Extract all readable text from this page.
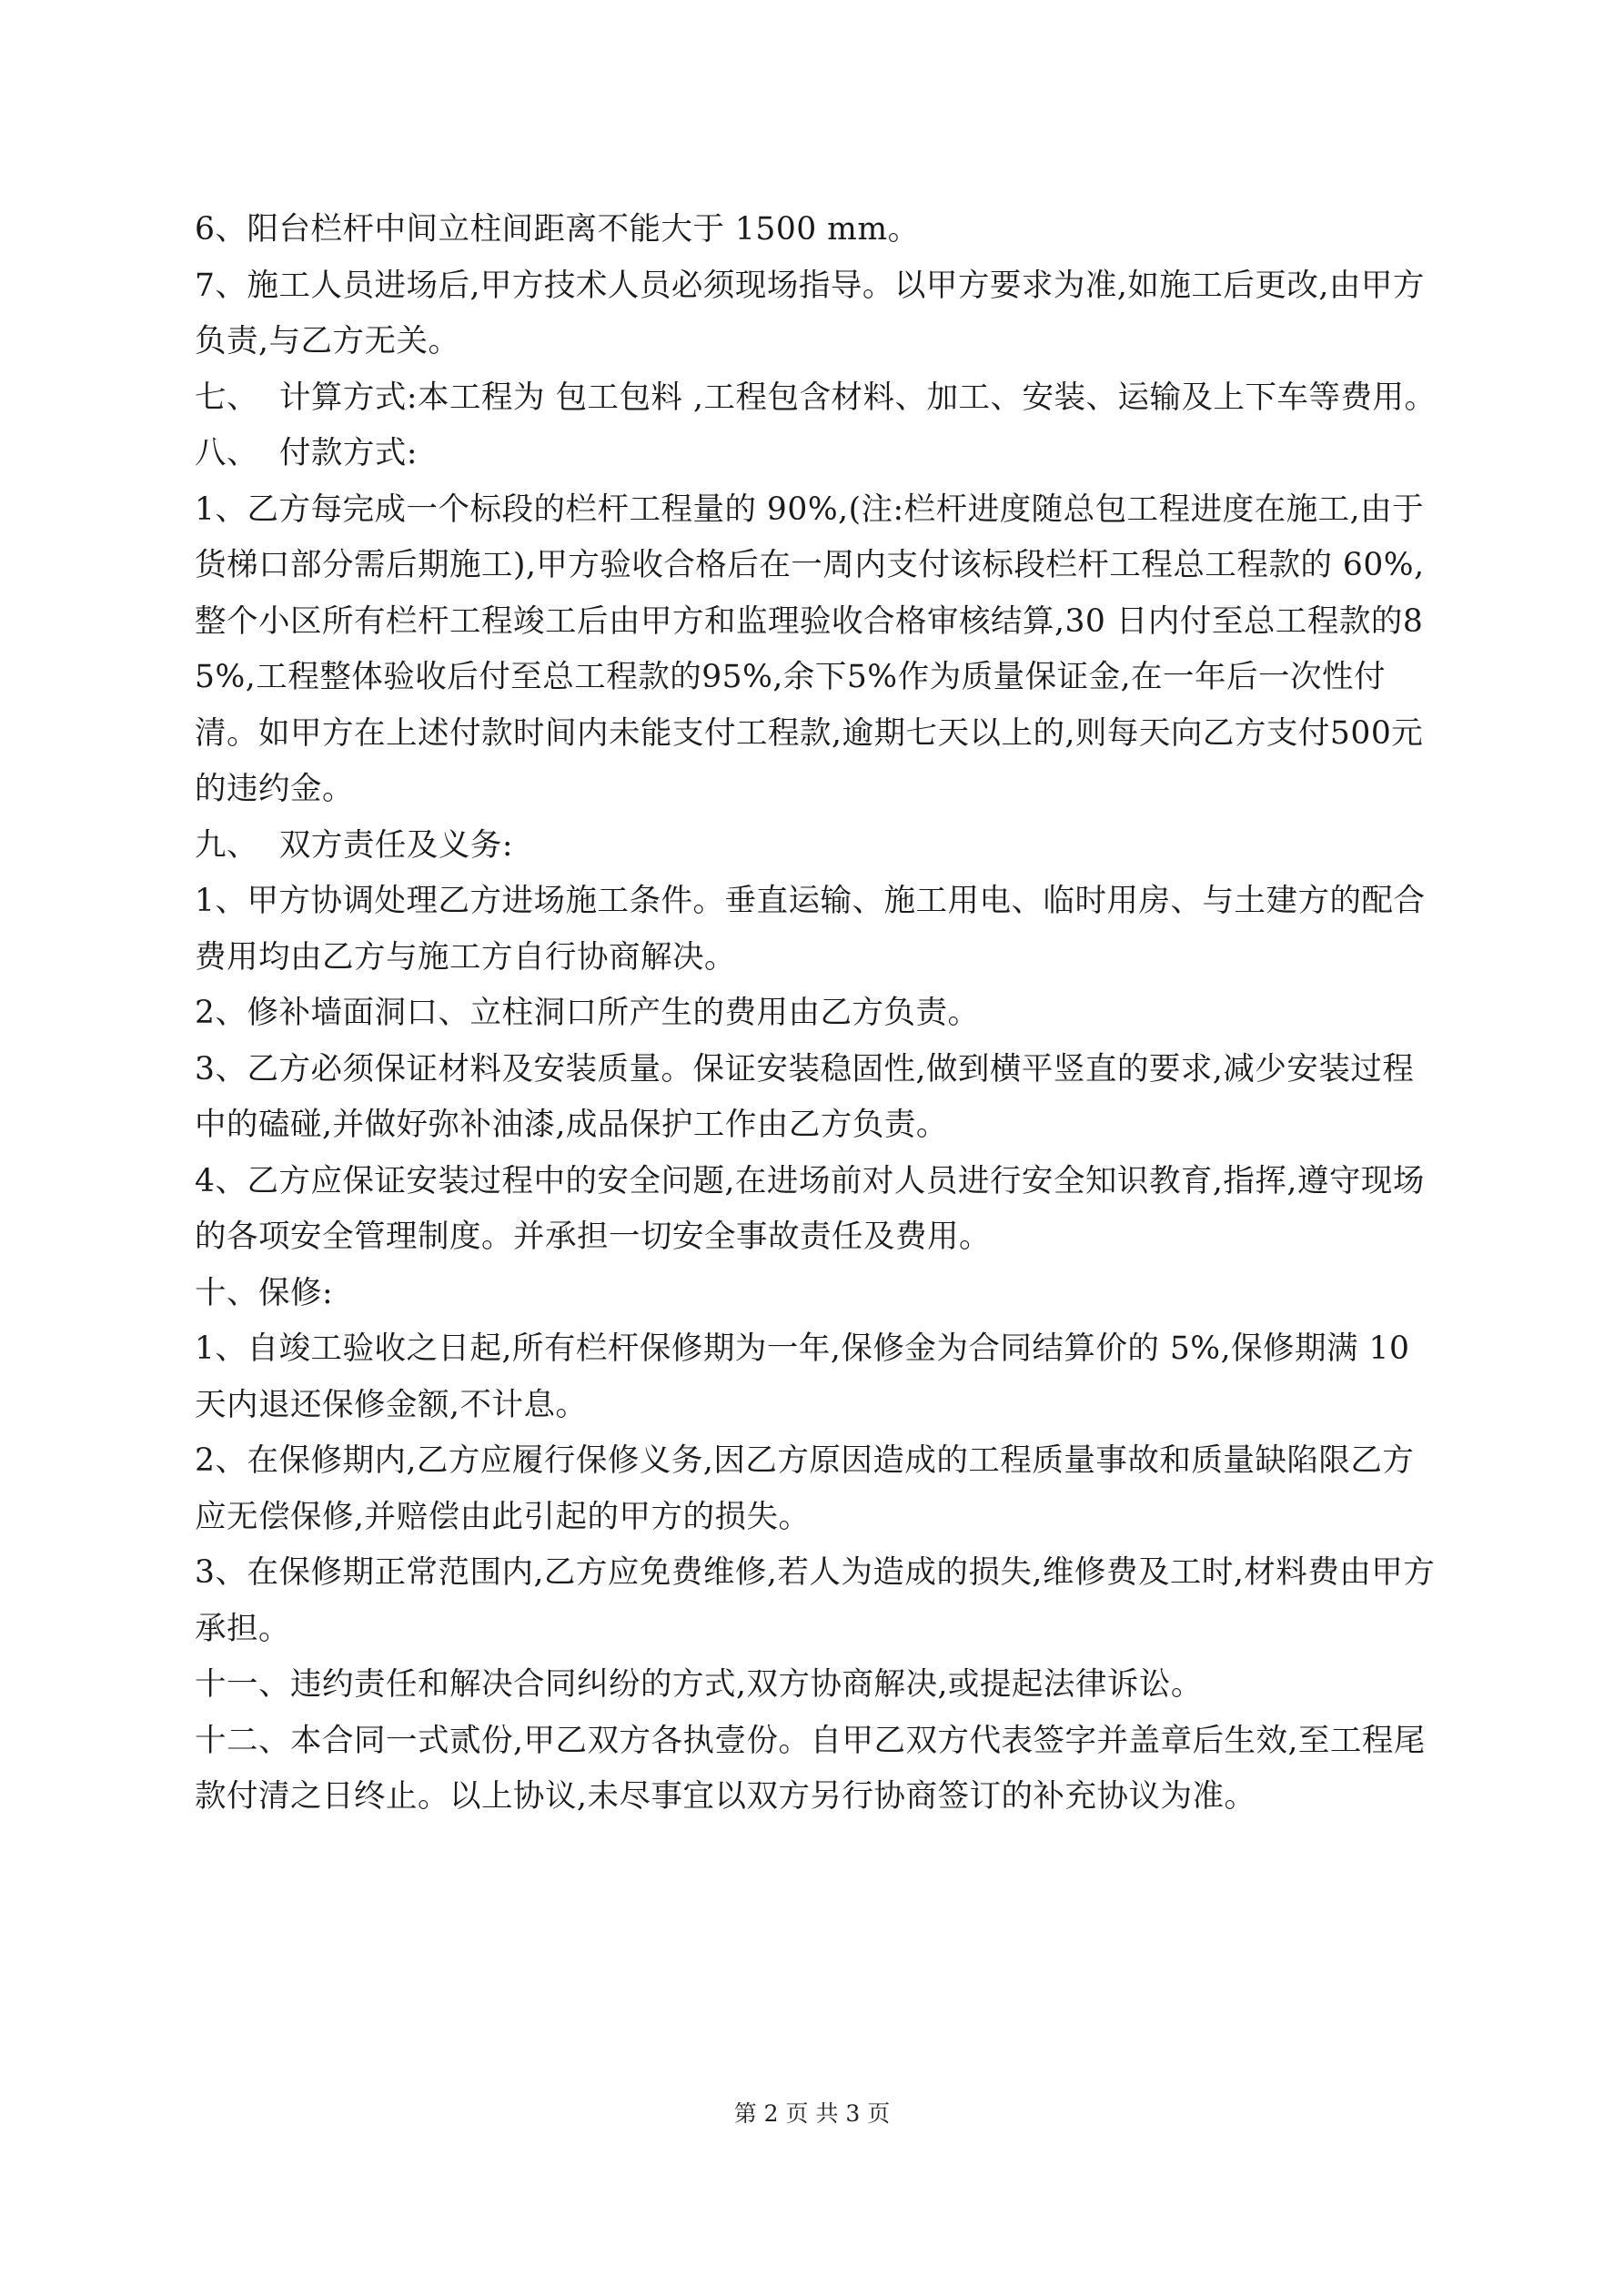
6、阳台栏杆中间立柱间距离不能大于 1500 mm。

7、施工人员进场后,甲方技术人员必须现场指导。以甲方要求为准,如施工后更改,由甲方负责,与乙方无关。

七、  计算方式:本工程为 包工包料 ,工程包含材料、加工、安装、运输及上下车等费用。

八、  付款方式:

1、乙方每完成一个标段的栏杆工程量的 90%,(注:栏杆进度随总包工程进度在施工,由于货梯口部分需后期施工),甲方验收合格后在一周内支付该标段栏杆工程总工程款的 60%,整个小区所有栏杆工程竣工后由甲方和监理验收合格审核结算,30 日内付至总工程款的85%,工程整体验收后付至总工程款的95%,余下5%作为质量保证金,在一年后一次性付清。如甲方在上述付款时间内未能支付工程款,逾期七天以上的,则每天向乙方支付500元的违约金。

九、  双方责任及义务:

1、甲方协调处理乙方进场施工条件。垂直运输、施工用电、临时用房、与土建方的配合费用均由乙方与施工方自行协商解决。

2、修补墙面洞口、立柱洞口所产生的费用由乙方负责。

3、乙方必须保证材料及安装质量。保证安装稳固性,做到横平竖直的要求,减少安装过程中的磕碰,并做好弥补油漆,成品保护工作由乙方负责。

4、乙方应保证安装过程中的安全问题,在进场前对人员进行安全知识教育,指挥,遵守现场的各项安全管理制度。并承担一切安全事故责任及费用。

十、保修:

1、自竣工验收之日起,所有栏杆保修期为一年,保修金为合同结算价的 5%,保修期满 10天内退还保修金额,不计息。

2、在保修期内,乙方应履行保修义务,因乙方原因造成的工程质量事故和质量缺陷限乙方应无偿保修,并赔偿由此引起的甲方的损失。

3、在保修期正常范围内,乙方应免费维修,若人为造成的损失,维修费及工时,材料费由甲方承担。

十一、违约责任和解决合同纠纷的方式,双方协商解决,或提起法律诉讼。

十二、本合同一式贰份,甲乙双方各执壹份。自甲乙双方代表签字并盖章后生效,至工程尾款付清之日终止。以上协议,未尽事宜以双方另行协商签订的补充协议为准。

第 2 页 共 3 页
